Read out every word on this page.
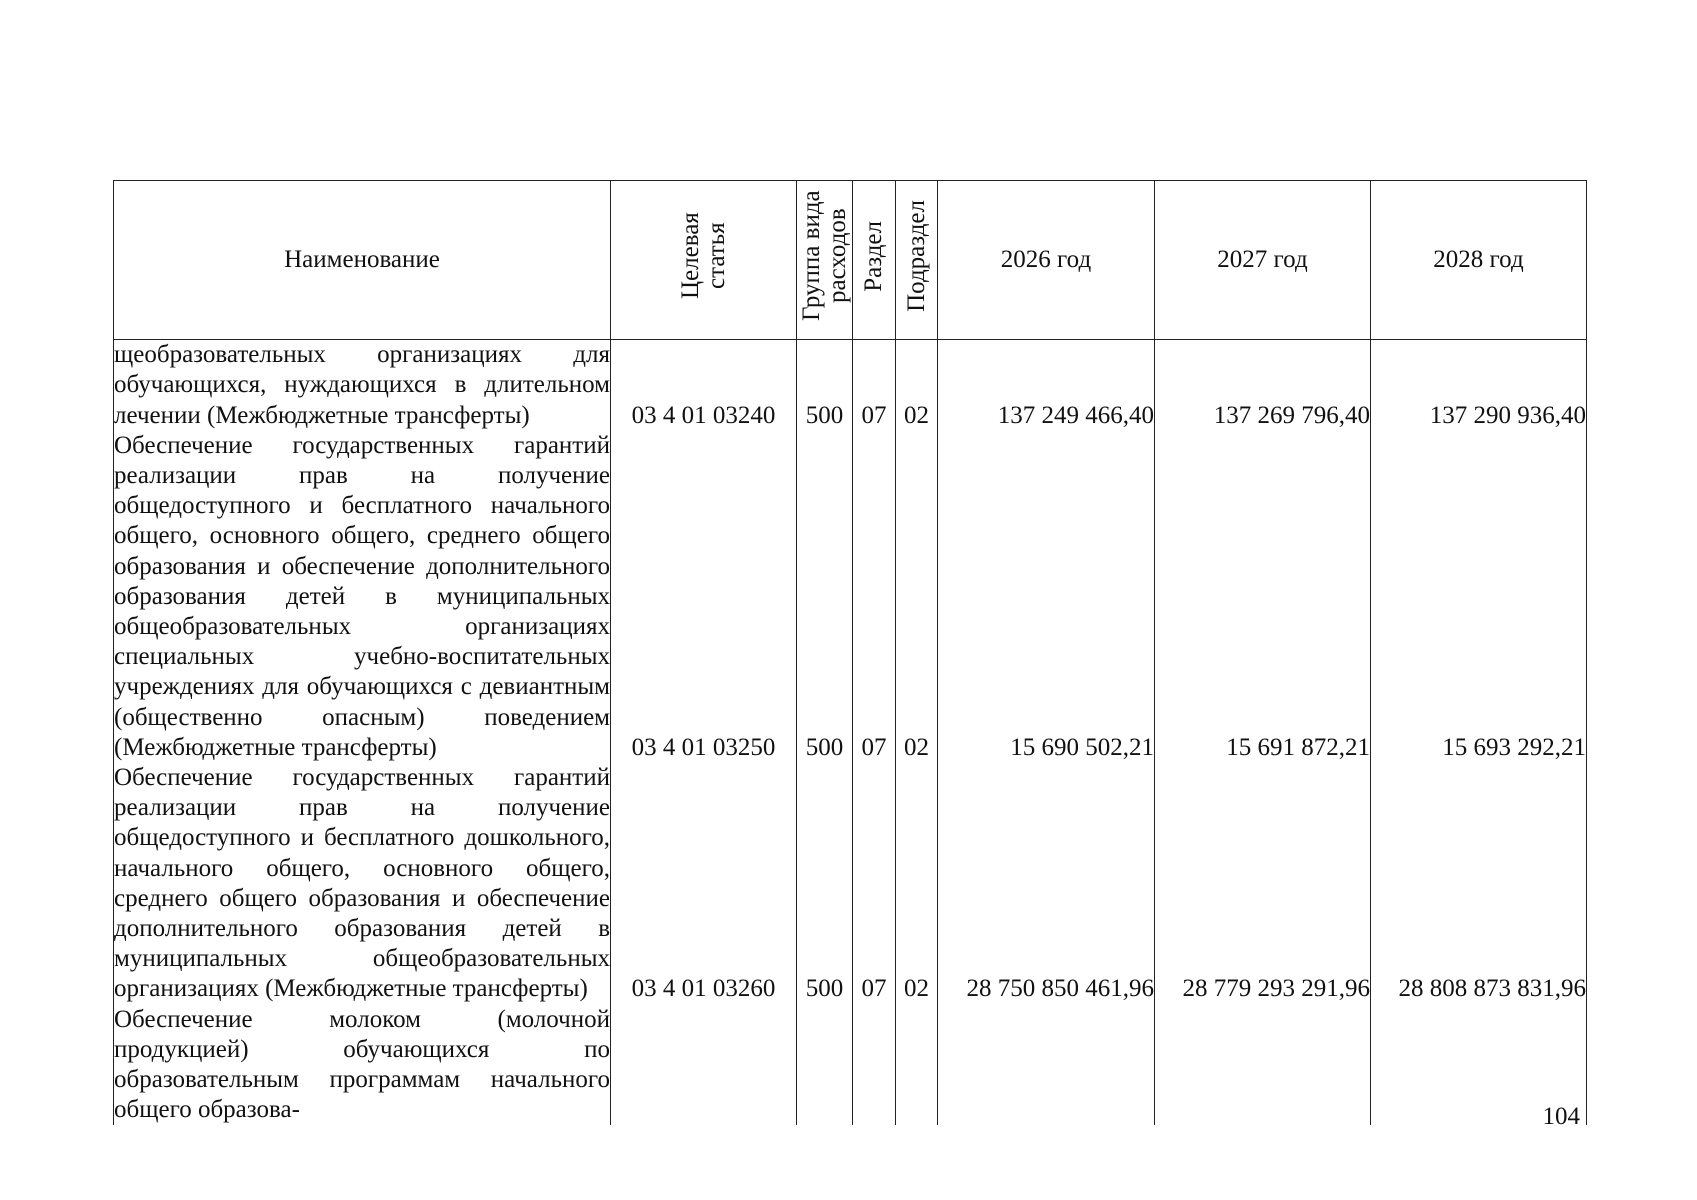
Наименование	Целевая статья	Группа вида расходов	Раздел	Подраздел	2026 год	2027 год	2028 год
щеобразовательных организациях для обучающихся, нуждающихся в длительном лечении (Межбюджетные трансферты)	03 4 01 03240	500	07	02	137 249 466,40	137 269 796,40	137 290 936,40
Обеспечение государственных гарантий реализации прав на получение общедоступного и бесплатного начального общего, основного общего, среднего общего образования и обеспечение дополнительного образования детей в муниципальных общеобразовательных организациях специальных учебно-воспитательных учреждениях для обучающихся с девиантным (общественно опасным) поведением (Межбюджетные трансферты)	03 4 01 03250	500	07	02	15 690 502,21	15 691 872,21	15 693 292,21
Обеспечение государственных гарантий реализации прав на получение общедоступного и бесплатного дошкольного, начального общего, основного общего, среднего общего образования и обеспечение дополнительного образования детей в муниципальных общеобразовательных организациях (Межбюджетные трансферты)	03 4 01 03260	500	07	02	28 750 850 461,96	28 779 293 291,96	28 808 873 831,96
Обеспечение молоком (молочной продукцией) обучающихся по образовательным программам начального общего образова-								104
